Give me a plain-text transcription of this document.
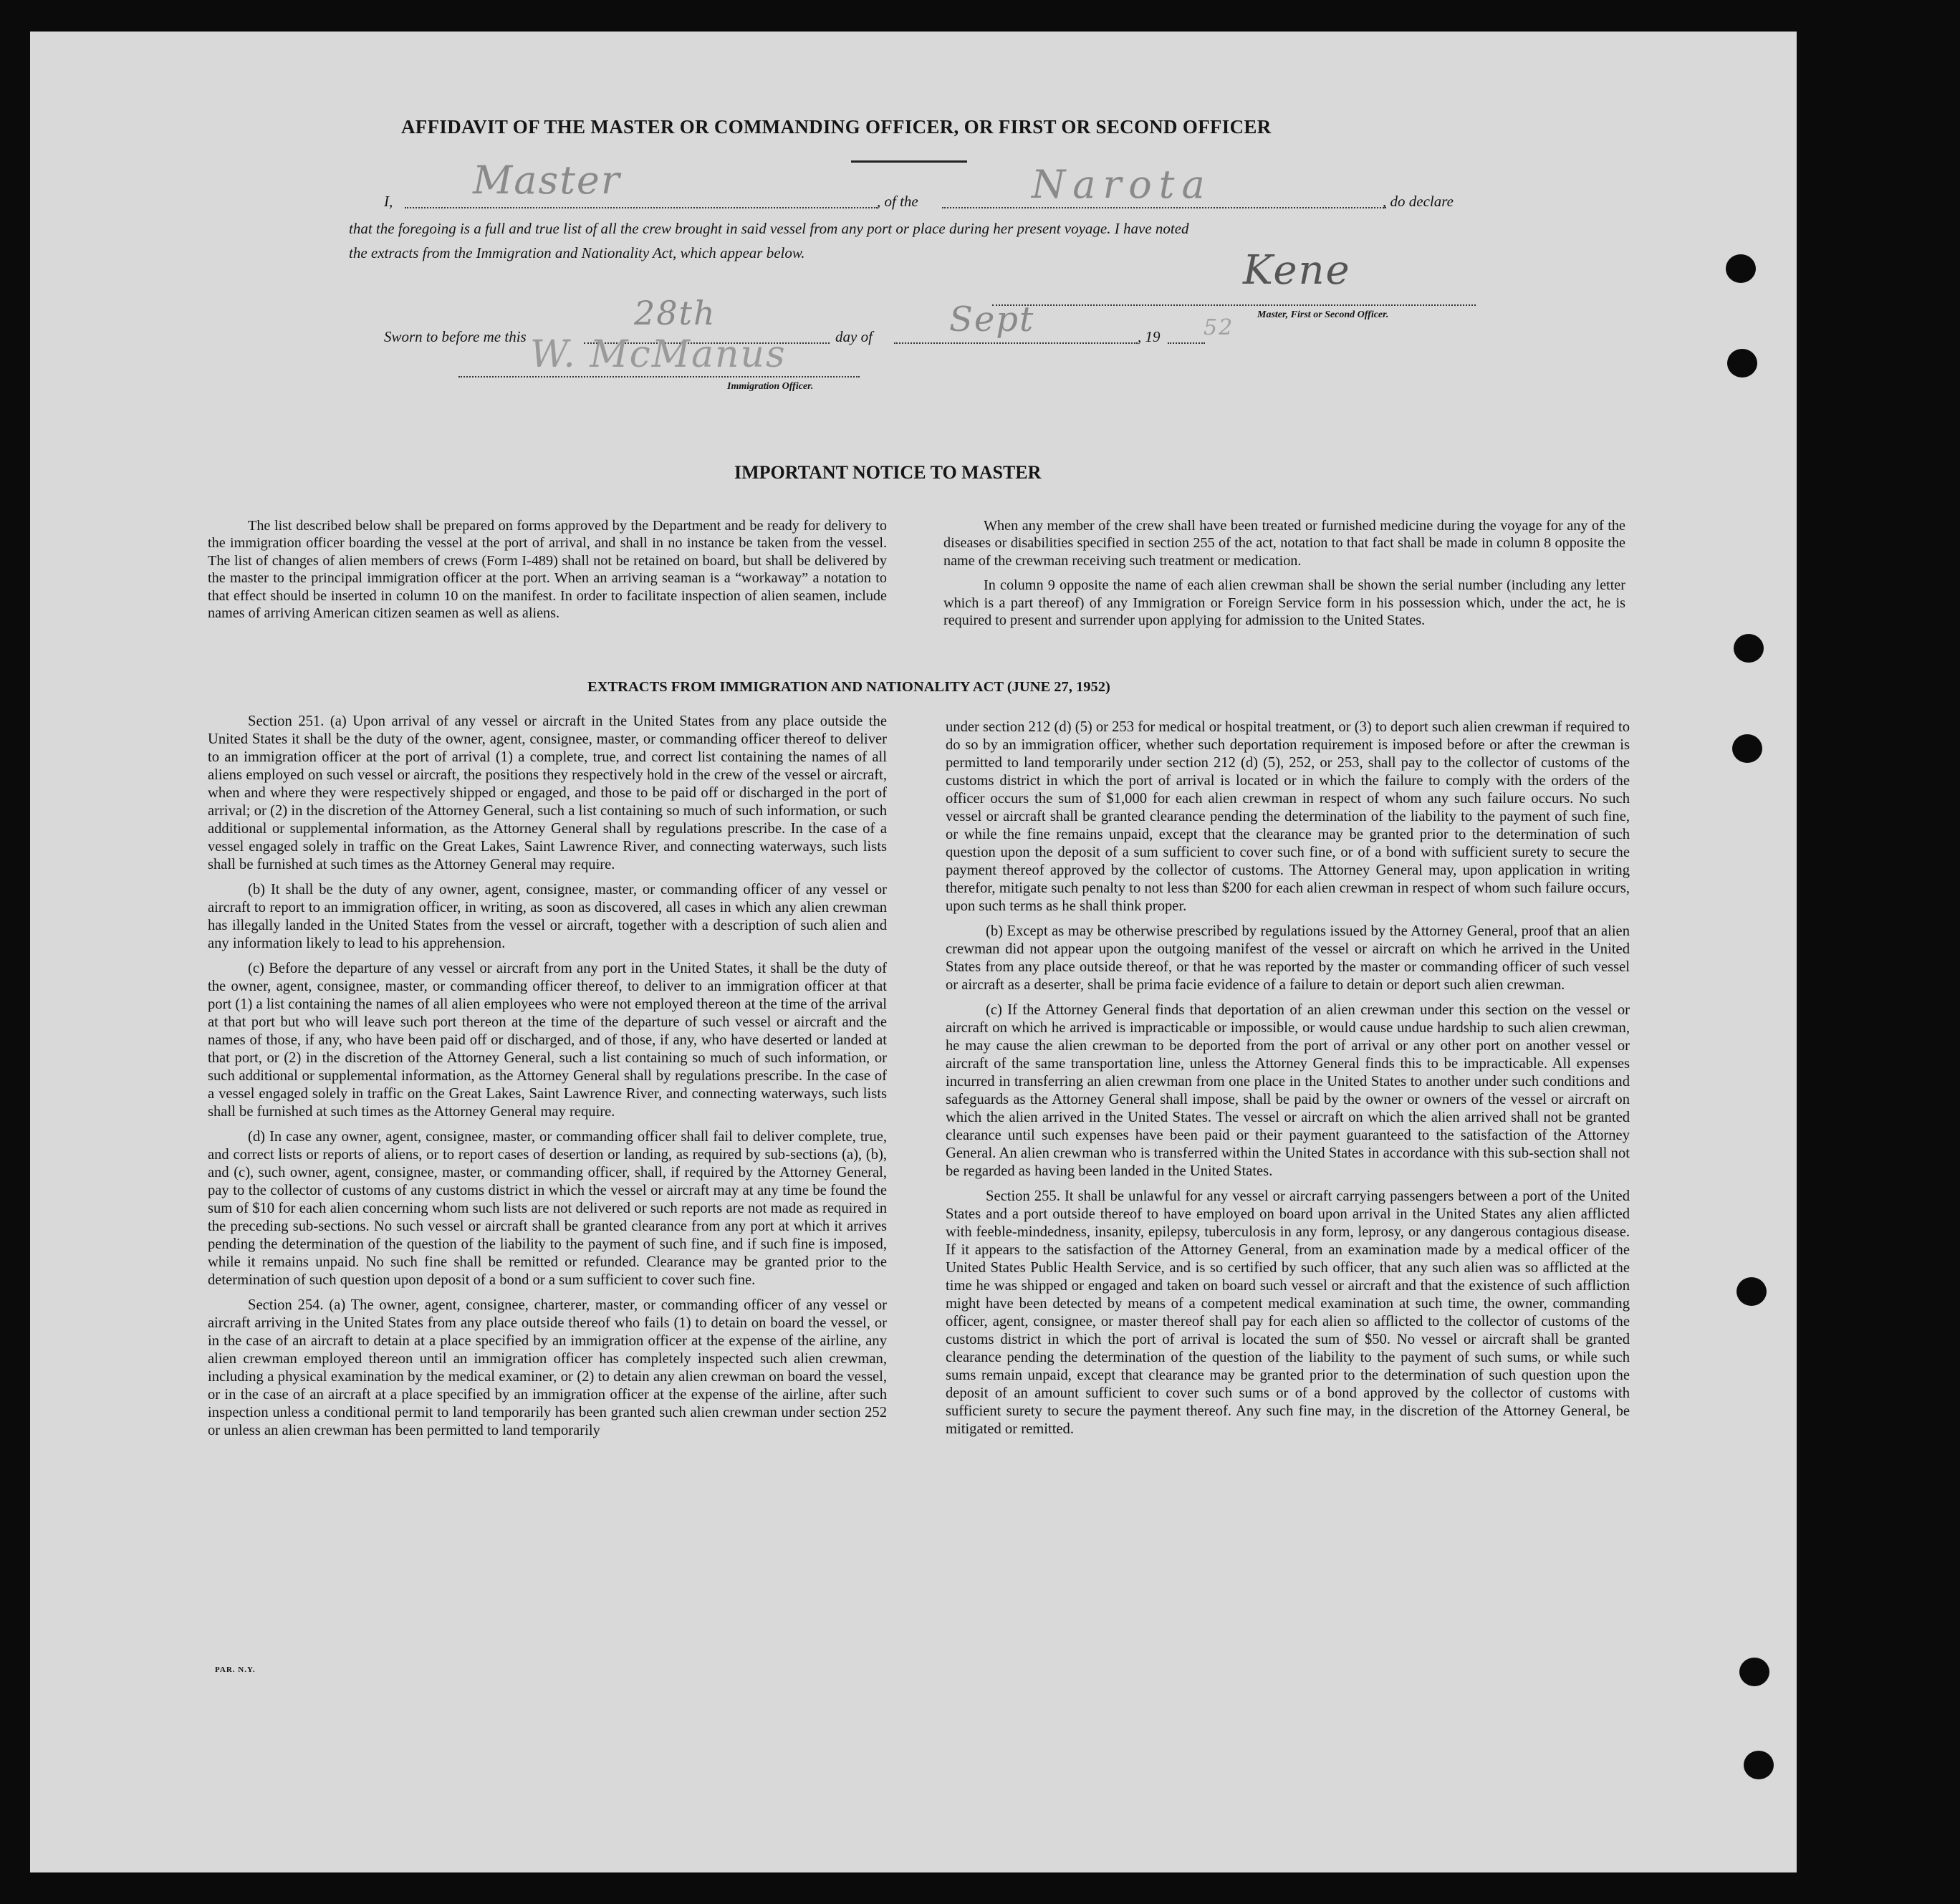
AFFIDAVIT OF THE MASTER OR COMMANDING OFFICER, OR FIRST OR SECOND OFFICER
I, Master	, of the	Narota	, do declare
that the foregoing is a full and true list of all the crew brought in said vessel from any port or place during her present voyage. I have noted
the extracts from the Immigration and Nationality Act, which appear below.	Kene
Master, First or Second Officer.
Sworn to before me this
28th
day of Sept	, 19 52
W. McManus
Immigration Officer.
IMPORTANT NOTICE TO MASTER

The list described below shall be prepared on forms approved by the Department and be ready for delivery to the immigration officer boarding the vessel at the port of arrival, and shall in no instance be taken from the vessel. The list of changes of alien members of crews (Form I-489) shall not be retained on board, but shall be delivered by the master to the principal immigration officer at the port. When an arriving seaman is a “workaway” a notation to that effect should be inserted in column 10 on the manifest. In order to facilitate inspection of alien seamen, include names of arriving American citizen seamen as well as aliens.

When any member of the crew shall have been treated or furnished medicine during the voyage for any of the diseases or disabilities specified in section 255 of the act, notation to that fact shall be made in column 8 opposite the name of the crewman receiving such treatment or medication.

In column 9 opposite the name of each alien crewman shall be shown the serial number (including any letter which is a part thereof) of any Immigration or Foreign Service form in his possession which, under the act, he is required to present and surrender upon applying for admission to the United States.

EXTRACTS FROM IMMIGRATION AND NATIONALITY ACT (JUNE 27, 1952)

Section 251. (a) Upon arrival of any vessel or aircraft in the United States from any place outside the United States it shall be the duty of the owner, agent, consignee, master, or commanding officer thereof to deliver to an immigration officer at the port of arrival (1) a complete, true, and correct list containing the names of all aliens employed on such vessel or aircraft, the positions they respectively hold in the crew of the vessel or aircraft, when and where they were respectively shipped or engaged, and those to be paid off or discharged in the port of arrival; or (2) in the discretion of the Attorney General, such a list containing so much of such information, or such additional or supplemental information, as the Attorney General shall by regulations prescribe. In the case of a vessel engaged solely in traffic on the Great Lakes, Saint Lawrence River, and connecting waterways, such lists shall be furnished at such times as the Attorney General may require.

(b) It shall be the duty of any owner, agent, consignee, master, or commanding officer of any vessel or aircraft to report to an immigration officer, in writing, as soon as discovered, all cases in which any alien crewman has illegally landed in the United States from the vessel or aircraft, together with a description of such alien and any information likely to lead to his apprehension.

(c) Before the departure of any vessel or aircraft from any port in the United States, it shall be the duty of the owner, agent, consignee, master, or commanding officer thereof, to deliver to an immigration officer at that port (1) a list containing the names of all alien employees who were not employed thereon at the time of the arrival at that port but who will leave such port thereon at the time of the departure of such vessel or aircraft and the names of those, if any, who have been paid off or discharged, and of those, if any, who have deserted or landed at that port, or (2) in the discretion of the Attorney General, such a list containing so much of such information, or such additional or supplemental information, as the Attorney General shall by regulations prescribe. In the case of a vessel engaged solely in traffic on the Great Lakes, Saint Lawrence River, and connecting waterways, such lists shall be furnished at such times as the Attorney General may require.

(d) In case any owner, agent, consignee, master, or commanding officer shall fail to deliver complete, true, and correct lists or reports of aliens, or to report cases of desertion or landing, as required by sub-sections (a), (b), and (c), such owner, agent, consignee, master, or commanding officer, shall, if required by the Attorney General, pay to the collector of customs of any customs district in which the vessel or aircraft may at any time be found the sum of $10 for each alien concerning whom such lists are not delivered or such reports are not made as required in the preceding sub-sections. No such vessel or aircraft shall be granted clearance from any port at which it arrives pending the determination of the question of the liability to the payment of such fine, and if such fine is imposed, while it remains unpaid. No such fine shall be remitted or refunded. Clearance may be granted prior to the determination of such question upon deposit of a bond or a sum sufficient to cover such fine.

Section 254. (a) The owner, agent, consignee, charterer, master, or commanding officer of any vessel or aircraft arriving in the United States from any place outside thereof who fails (1) to detain on board the vessel, or in the case of an aircraft to detain at a place specified by an immigration officer at the expense of the airline, any alien crewman employed thereon until an immigration officer has completely inspected such alien crewman, including a physical examination by the medical examiner, or (2) to detain any alien crewman on board the vessel, or in the case of an aircraft at a place specified by an immigration officer at the expense of the airline, after such inspection unless a conditional permit to land temporarily has been granted such alien crewman under section 252 or unless an alien crewman has been permitted to land temporarily

under section 212 (d) (5) or 253 for medical or hospital treatment, or (3) to deport such alien crewman if required to do so by an immigration officer, whether such deportation requirement is imposed before or after the crewman is permitted to land temporarily under section 212 (d) (5), 252, or 253, shall pay to the collector of customs of the customs district in which the port of arrival is located or in which the failure to comply with the orders of the officer occurs the sum of $1,000 for each alien crewman in respect of whom any such failure occurs. No such vessel or aircraft shall be granted clearance pending the determination of the liability to the payment of such fine, or while the fine remains unpaid, except that the clearance may be granted prior to the determination of such question upon the deposit of a sum sufficient to cover such fine, or of a bond with sufficient surety to secure the payment thereof approved by the collector of customs. The Attorney General may, upon application in writing therefor, mitigate such penalty to not less than $200 for each alien crewman in respect of whom such failure occurs, upon such terms as he shall think proper.

(b) Except as may be otherwise prescribed by regulations issued by the Attorney General, proof that an alien crewman did not appear upon the outgoing manifest of the vessel or aircraft on which he arrived in the United States from any place outside thereof, or that he was reported by the master or commanding officer of such vessel or aircraft as a deserter, shall be prima facie evidence of a failure to detain or deport such alien crewman.

(c) If the Attorney General finds that deportation of an alien crewman under this section on the vessel or aircraft on which he arrived is impracticable or impossible, or would cause undue hardship to such alien crewman, he may cause the alien crewman to be deported from the port of arrival or any other port on another vessel or aircraft of the same transportation line, unless the Attorney General finds this to be impracticable. All expenses incurred in transferring an alien crewman from one place in the United States to another under such conditions and safeguards as the Attorney General shall impose, shall be paid by the owner or owners of the vessel or aircraft on which the alien arrived in the United States. The vessel or aircraft on which the alien arrived shall not be granted clearance until such expenses have been paid or their payment guaranteed to the satisfaction of the Attorney General. An alien crewman who is transferred within the United States in accordance with this sub-section shall not be regarded as having been landed in the United States.

Section 255. It shall be unlawful for any vessel or aircraft carrying passengers between a port of the United States and a port outside thereof to have employed on board upon arrival in the United States any alien afflicted with feeble-mindedness, insanity, epilepsy, tuberculosis in any form, leprosy, or any dangerous contagious disease. If it appears to the satisfaction of the Attorney General, from an examination made by a medical officer of the United States Public Health Service, and is so certified by such officer, that any such alien was so afflicted at the time he was shipped or engaged and taken on board such vessel or aircraft and that the existence of such affliction might have been detected by means of a competent medical examination at such time, the owner, commanding officer, agent, consignee, or master thereof shall pay for each alien so afflicted to the collector of customs of the customs district in which the port of arrival is located the sum of $50. No vessel or aircraft shall be granted clearance pending the determination of the question of the liability to the payment of such sums, or while such sums remain unpaid, except that clearance may be granted prior to the determination of such question upon the deposit of an amount sufficient to cover such sums or of a bond approved by the collector of customs with sufficient surety to secure the payment thereof. Any such fine may, in the discretion of the Attorney General, be mitigated or remitted.

PAR. N.Y.
